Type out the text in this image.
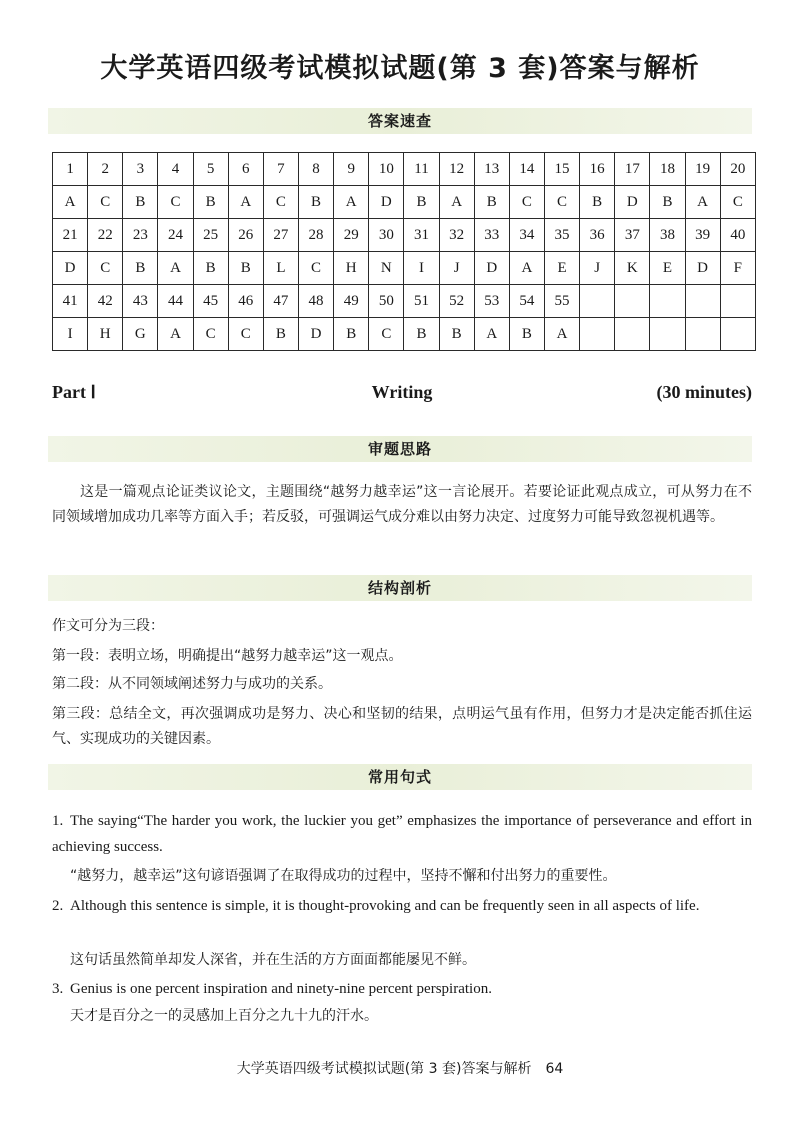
大学英语四级考试模拟试题(第 3 套)答案与解析
答案速查
1	2	3	4	5	6	7	8	9	10	11	12	13	14	15	16	17	18	19	20
A	C	B	C	B	A	C	B	A	D	B	A	B	C	C	B	D	B	A	C
21	22	23	24	25	26	27	28	29	30	31	32	33	34	35	36	37	38	39	40
D	C	B	A	B	B	L	C	H	N	I	J	D	A	E	J	K	E	D	F
41	42	43	44	45	46	47	48	49	50	51	52	53	54	55					
I	H	G	A	C	C	B	D	B	C	B	B	A	B	A					
Part Ⅰ	Writing	(30 minutes)
审题思路
这是一篇观点论证类议论文，主题围绕“越努力越幸运”这一言论展开。若要论证此观点成立，可从努力在不同领域增加成功几率等方面入手；若反驳，可强调运气成分难以由努力决定、过度努力可能导致忽视机遇等。
结构剖析
作文可分为三段：
第一段：表明立场，明确提出“越努力越幸运”这一观点。
第二段：从不同领域阐述努力与成功的关系。
第三段：总结全文，再次强调成功是努力、决心和坚韧的结果，点明运气虽有作用，但努力才是决定能否抓住运气、实现成功的关键因素。
常用句式
1. The saying“The harder you work, the luckier you get” emphasizes the importance of perseverance and effort in achieving success.
“越努力，越幸运”这句谚语强调了在取得成功的过程中，坚持不懈和付出努力的重要性。
2. Although this sentence is simple, it is thought-provoking and can be frequently seen in all aspects of life.
这句话虽然简单却发人深省，并在生活的方方面面都能屡见不鲜。
3. Genius is one percent inspiration and ninety-nine percent perspiration.
天才是百分之一的灵感加上百分之九十九的汗水。
大学英语四级考试模拟试题(第 3 套)答案与解析 64
